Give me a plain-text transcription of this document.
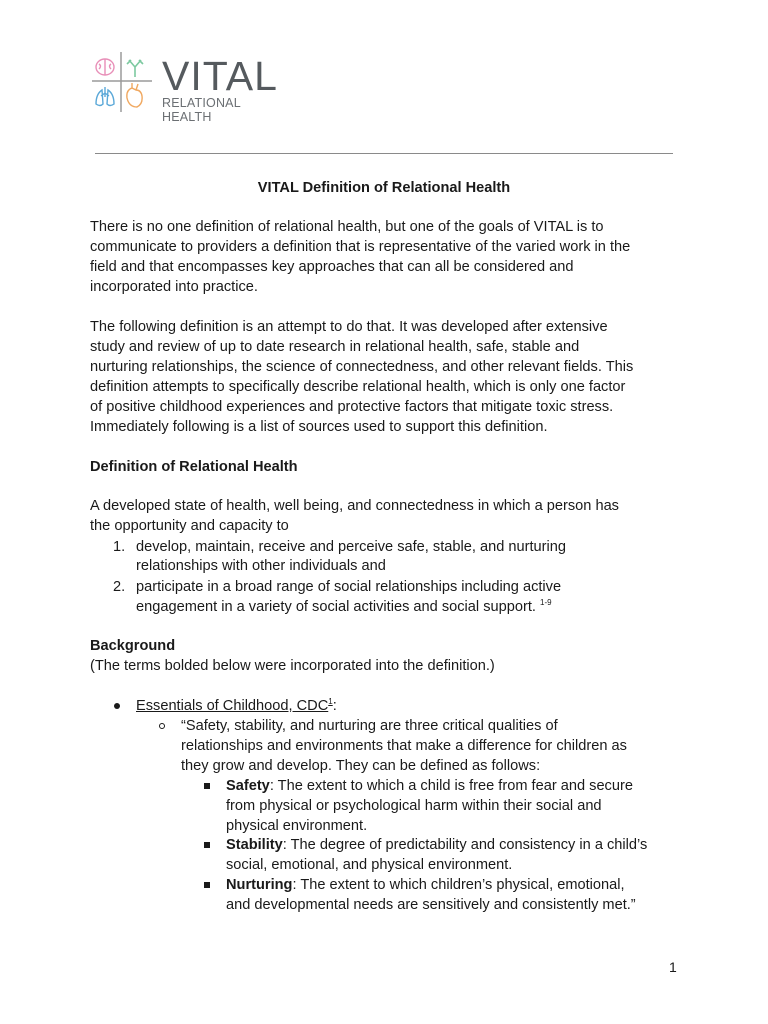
VITAL
RELATIONAL HEALTH
VITAL Definition of Relational Health
There is no one definition of relational health, but one of the goals of VITAL is to
communicate to providers a definition that is representative of the varied work in the
field and that encompasses key approaches that can all be considered and
incorporated into practice.
The following definition is an attempt to do that. It was developed after extensive
study and review of up to date research in relational health, safe, stable and
nurturing relationships, the science of connectedness, and other relevant fields. This
definition attempts to specifically describe relational health, which is only one factor
of positive childhood experiences and protective factors that mitigate toxic stress.
Immediately following is a list of sources used to support this definition.
Definition of Relational Health
A developed state of health, well being, and connectedness in which a person has
the opportunity and capacity to
1. develop, maintain, receive and perceive safe, stable, and nurturing
relationships with other individuals and
2. participate in a broad range of social relationships including active
engagement in a variety of social activities and social support. $^{1-9}$
Background
(The terms bolded below were incorporated into the definition.)
Essentials of Childhood, CDC$^1$:
“Safety, stability, and nurturing are three critical qualities of
relationships and environments that make a difference for children as
they grow and develop. They can be defined as follows:
Safety: The extent to which a child is free from fear and secure
from physical or psychological harm within their social and
physical environment.
Stability: The degree of predictability and consistency in a child’s
social, emotional, and physical environment.
Nurturing: The extent to which children’s physical, emotional,
and developmental needs are sensitively and consistently met.”
1
